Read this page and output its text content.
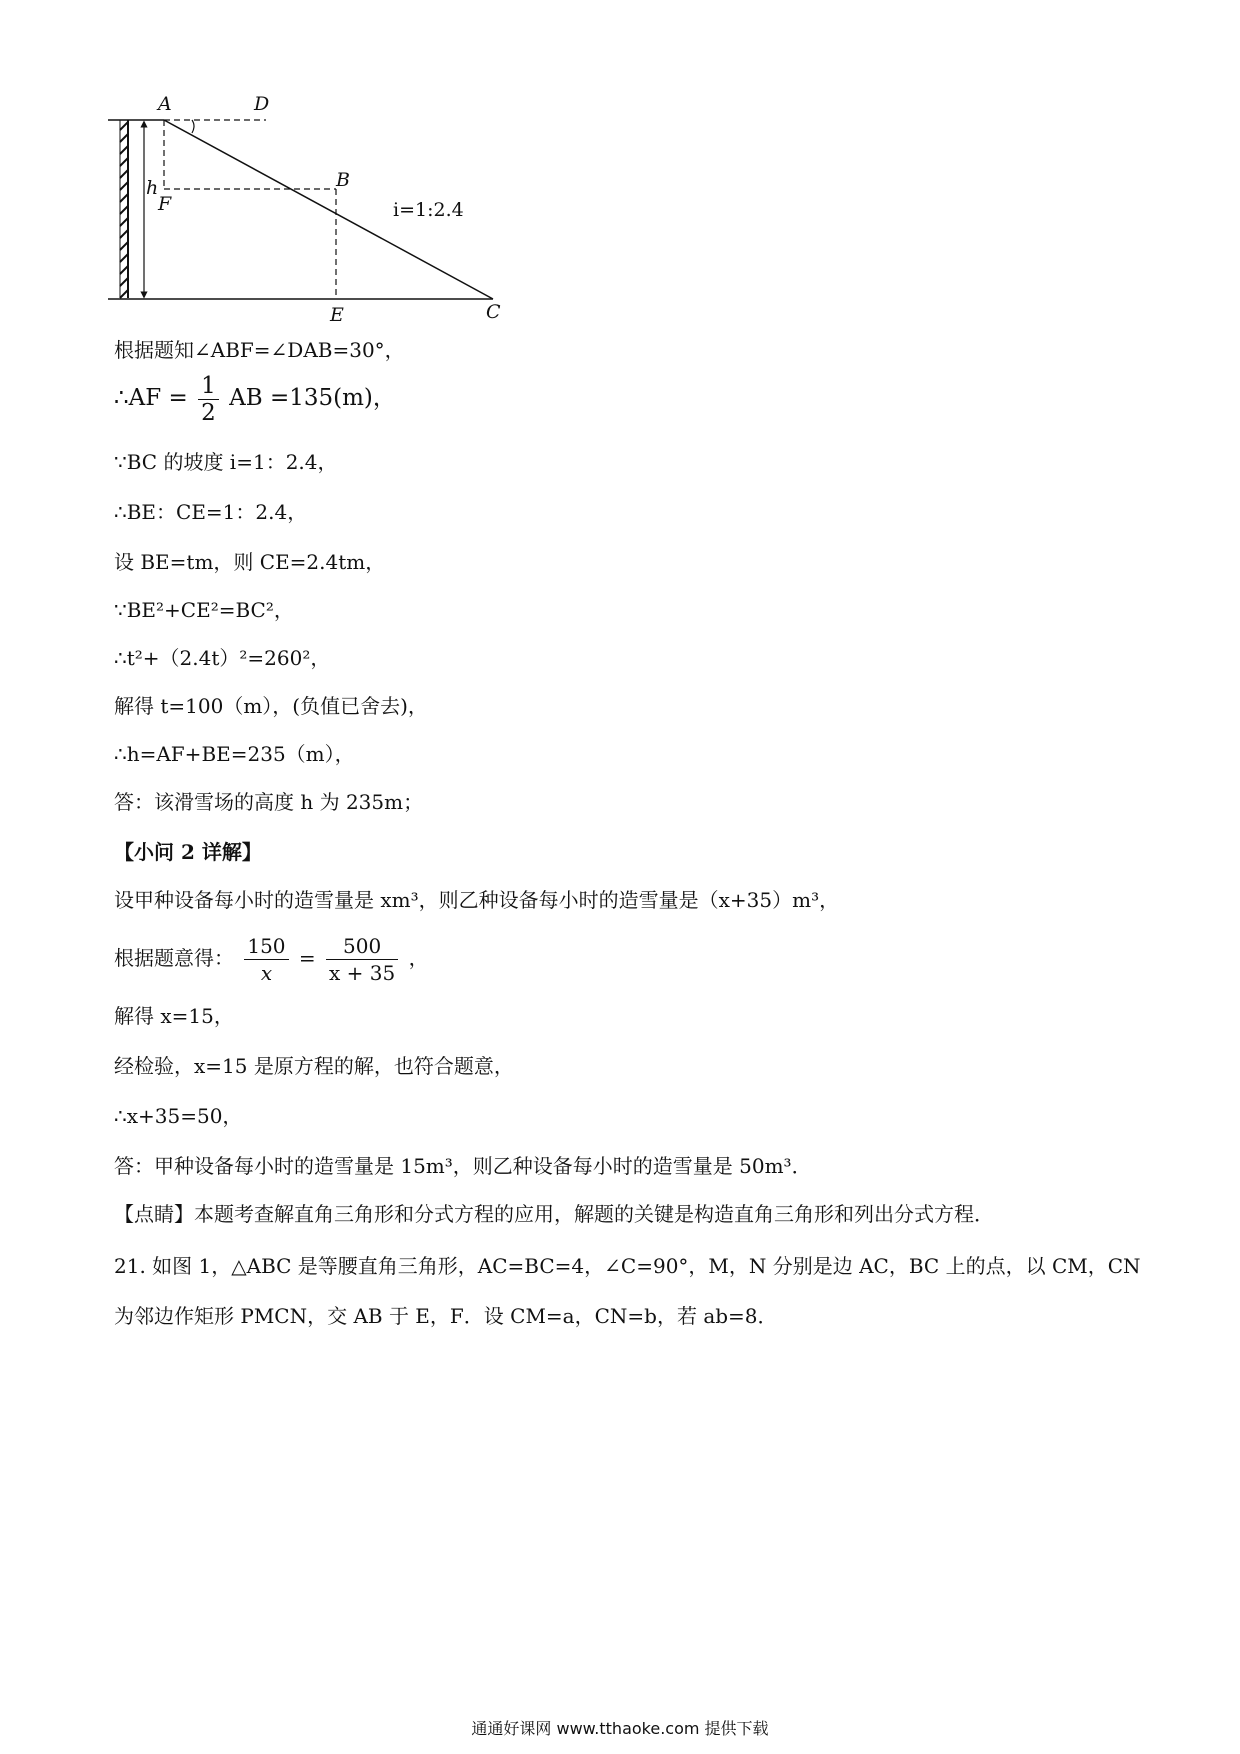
A	D
h
F
B
E	C
i=1:2.4
根据题知∠ABF=∠DAB=30°，
∴AF = $\frac{1}{2}$ AB =135(m)，
∵BC 的坡度 i=1：2.4，
∴BE：CE=1：2.4，
设 BE=tm，则 CE=2.4tm，
∵BE²+CE²=BC²，
∴t²+（2.4t）²=260²，
解得 t=100（m），(负值已舍去)，
∴h=AF+BE=235（m），
答：该滑雪场的高度 h 为 235m；
【小问 2 详解】
设甲种设备每小时的造雪量是 xm³，则乙种设备每小时的造雪量是（x+35）m³，
根据题意得： $\frac{150}{x} = \frac{500}{x + 35}$ ，
解得 x=15，
经检验，x=15 是原方程的解，也符合题意，
∴x+35=50，
答：甲种设备每小时的造雪量是 15m³，则乙种设备每小时的造雪量是 50m³．
【点睛】本题考查解直角三角形和分式方程的应用，解题的关键是构造直角三角形和列出分式方程．
21. 如图 1，△ABC 是等腰直角三角形，AC=BC=4，∠C=90°，M，N 分别是边 AC，BC 上的点，以 CM，CN
为邻边作矩形 PMCN，交 AB 于 E，F．设 CM=a，CN=b，若 ab=8．
通通好课网 www.tthaoke.com 提供下载
